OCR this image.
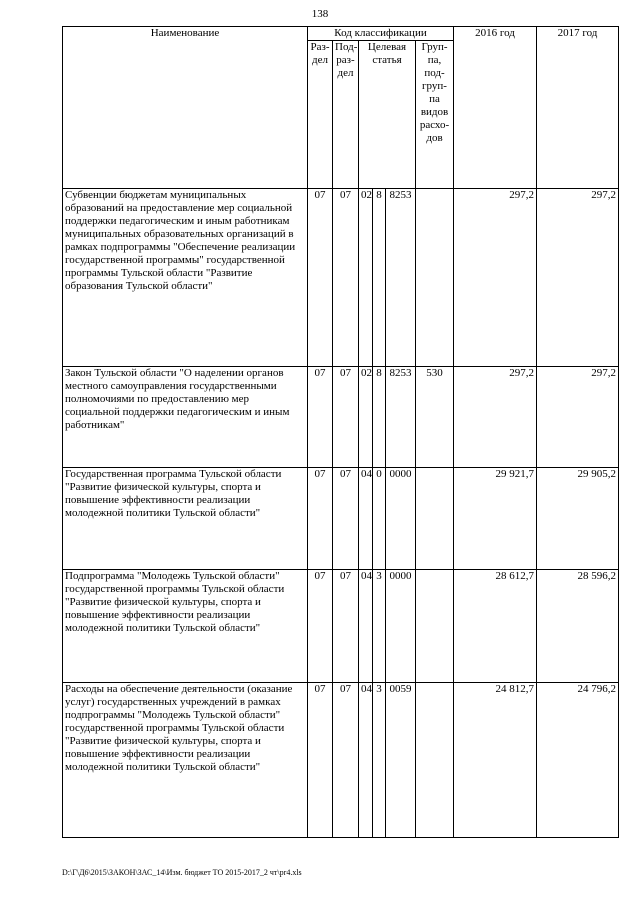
138
Наименование	Код классификации						2016 год	2017 год
	Раз-дел	Под-раз-дел	Целевая статья			Груп-па, под-груп-па видов расхо-дов		
Субвенции бюджетам муниципальных образований на предоставление мер социальной поддержки педагогическим и иным работникам муниципальных образовательных организаций в рамках подпрограммы "Обеспечение реализации государственной программы" государственной программы Тульской области "Развитие образования Тульской области"	07	07	02	8	8253		297,2	297,2
Закон Тульской области "О наделении органов местного самоуправления государственными полномочиями по предоставлению мер социальной поддержки педагогическим и иным работникам"	07	07	02	8	8253	530	297,2	297,2
Государственная программа Тульской области "Развитие физической культуры, спорта и повышение эффективности реализации молодежной политики Тульской области"	07	07	04	0	0000		29 921,7	29 905,2
Подпрограмма "Молодежь Тульской области" государственной программы Тульской области "Развитие физической культуры, спорта и повышение эффективности реализации молодежной политики Тульской области"	07	07	04	3	0000		28 612,7	28 596,2
Расходы на обеспечение деятельности (оказание услуг) государственных учреждений в рамках подпрограммы "Молодежь Тульской области" государственной программы Тульской области "Развитие физической культуры, спорта и повышение эффективности реализации молодежной политики Тульской области"	07	07	04	3	0059		24 812,7	24 796,2
D:\Г\Д6\2015\ЗАКОН\ЗАС_14\Изм. бюджет ТО 2015-2017_2 чт\pr4.xls
